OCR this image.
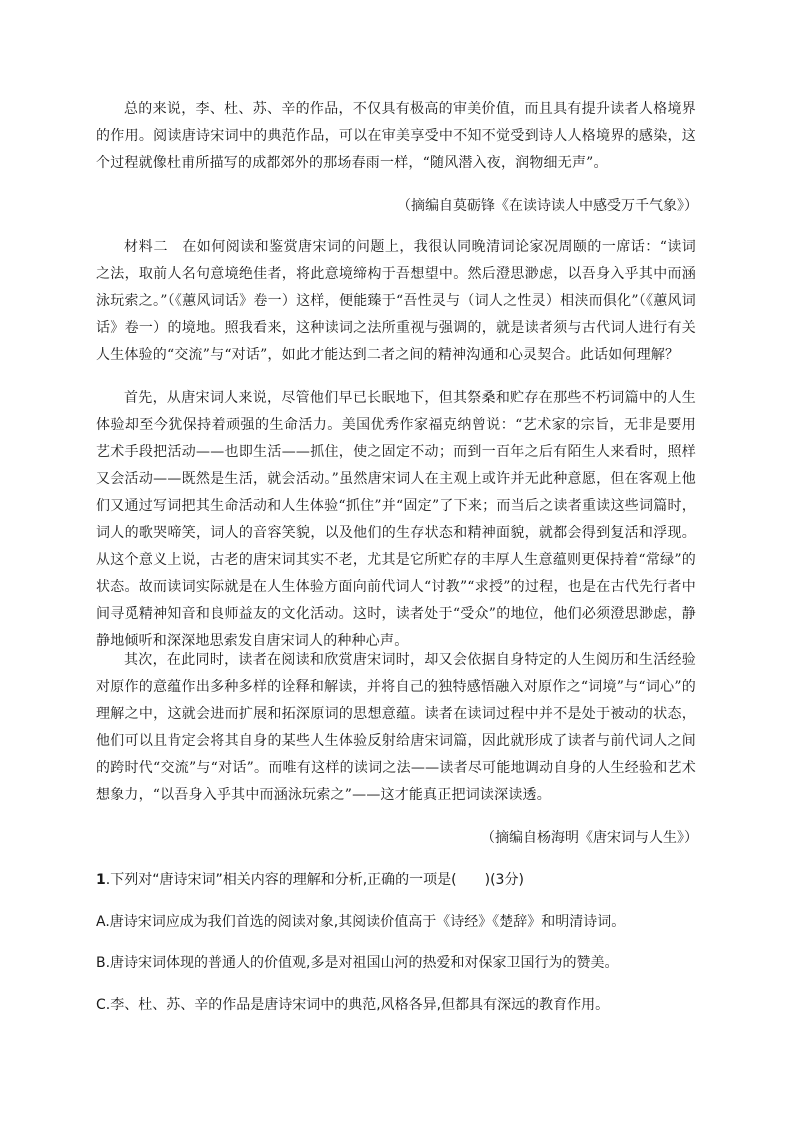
总的来说，李、杜、苏、辛的作品，不仅具有极高的审美价值，而且具有提升读者人格境界的作用。阅读唐诗宋词中的典范作品，可以在审美享受中不知不觉受到诗人人格境界的感染，这个过程就像杜甫所描写的成都郊外的那场春雨一样，“随风潜入夜，润物细无声”。

（摘编自莫砺锋《在读诗读人中感受万千气象》）

材料二 在如何阅读和鉴赏唐宋词的问题上，我很认同晚清词论家况周颐的一席话：“读词之法，取前人名句意境绝佳者，将此意境缔构于吾想望中。然后澄思渺虑，以吾身入乎其中而涵泳玩索之。”（《蕙风词话》卷一）这样，便能臻于“吾性灵与（词人之性灵）相浃而俱化”（《蕙风词话》卷一）的境地。照我看来，这种读词之法所重视与强调的，就是读者须与古代词人进行有关人生体验的“交流”与“对话”，如此才能达到二者之间的精神沟通和心灵契合。此话如何理解？

首先，从唐宋词人来说，尽管他们早已长眠地下，但其祭桑和贮存在那些不朽词篇中的人生体验却至今犹保持着顽强的生命活力。美国优秀作家福克纳曾说：“艺术家的宗旨，无非是要用艺术手段把活动——也即生活——抓住，使之固定不动；而到一百年之后有陌生人来看时，照样又会活动——既然是生活，就会活动。”虽然唐宋词人在主观上或许并无此种意愿，但在客观上他们又通过写词把其生命活动和人生体验“抓住”并“固定”了下来；而当后之读者重读这些词篇时，词人的歌哭啼笑，词人的音容笑貌，以及他们的生存状态和精神面貌，就都会得到复活和浮现。从这个意义上说，古老的唐宋词其实不老，尤其是它所贮存的丰厚人生意蕴则更保持着“常绿”的状态。故而读词实际就是在人生体验方面向前代词人“讨教”“求授”的过程，也是在古代先行者中间寻觅精神知音和良师益友的文化活动。这时，读者处于“受众”的地位，他们必须澄思渺虑，静静地倾听和深深地思索发自唐宋词人的种种心声。

其次，在此同时，读者在阅读和欣赏唐宋词时，却又会依据自身特定的人生阅历和生活经验对原作的意蕴作出多种多样的诠释和解读，并将自己的独特感悟融入对原作之“词境”与“词心”的理解之中，这就会进而扩展和拓深原词的思想意蕴。读者在读词过程中并不是处于被动的状态，他们可以且肯定会将其自身的某些人生体验反射给唐宋词篇，因此就形成了读者与前代词人之间的跨时代“交流”与“对话”。而唯有这样的读词之法——读者尽可能地调动自身的人生经验和艺术想象力，“以吾身入乎其中而涵泳玩索之”——这才能真正把词读深读透。

（摘编自杨海明《唐宋词与人生》）

1.下列对“唐诗宋词”相关内容的理解和分析,正确的一项是(　　)(3分)

A.唐诗宋词应成为我们首选的阅读对象,其阅读价值高于《诗经》《楚辞》和明清诗词。

B.唐诗宋词体现的普通人的价值观,多是对祖国山河的热爱和对保家卫国行为的赞美。

C.李、杜、苏、辛的作品是唐诗宋词中的典范,风格各异,但都具有深远的教育作用。
